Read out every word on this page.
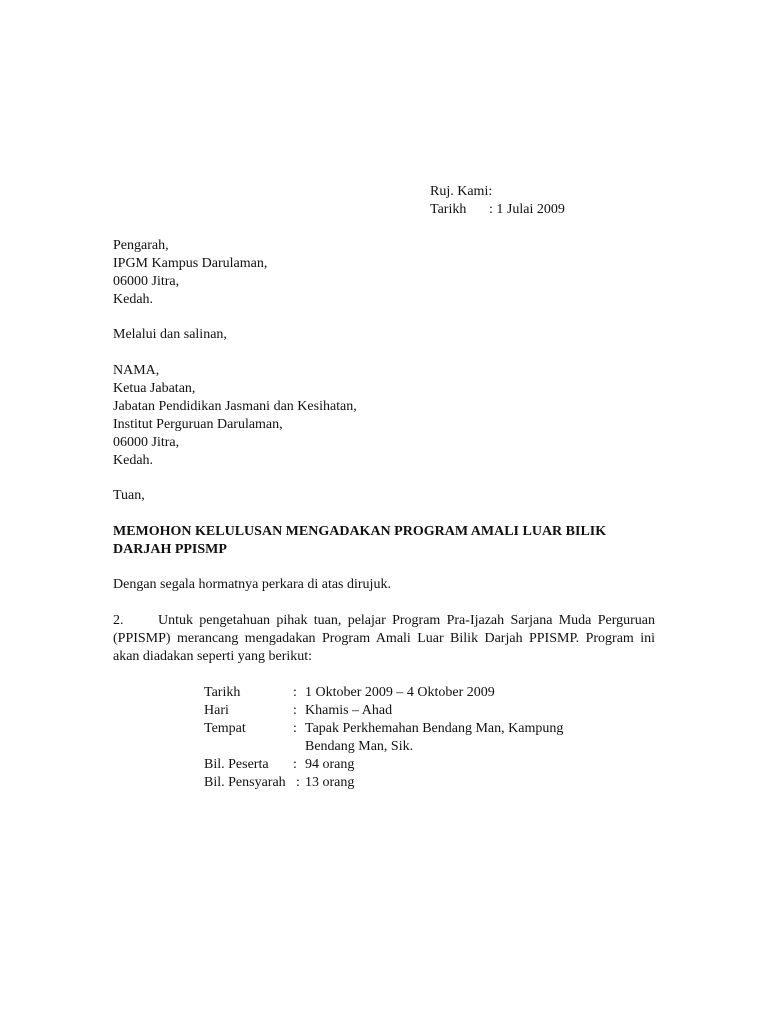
Ruj. Kami:
Tarikh : 1 Julai 2009
Pengarah,
IPGM Kampus Darulaman,
06000 Jitra,
Kedah.
Melalui dan salinan,
NAMA,
Ketua Jabatan,
Jabatan Pendidikan Jasmani dan Kesihatan,
Institut Perguruan Darulaman,
06000 Jitra,
Kedah.
Tuan,
MEMOHON KELULUSAN MENGADAKAN PROGRAM AMALI LUAR BILIK
DARJAH PPISMP
Dengan segala hormatnya perkara di atas dirujuk.
2. Untuk pengetahuan pihak tuan, pelajar Program Pra-Ijazah Sarjana Muda Perguruan (PPISMP) merancang mengadakan Program Amali Luar Bilik Darjah PPISMP. Program ini akan diadakan seperti yang berikut:
Tarikh	: 1 Oktober 2009 – 4 Oktober 2009
Hari	: Khamis – Ahad
Tempat	: Tapak Perkhemahan Bendang Man, Kampung
Bendang Man, Sik.
Bil. Peserta : 94 orang
Bil. Pensyarah : 13 orang
